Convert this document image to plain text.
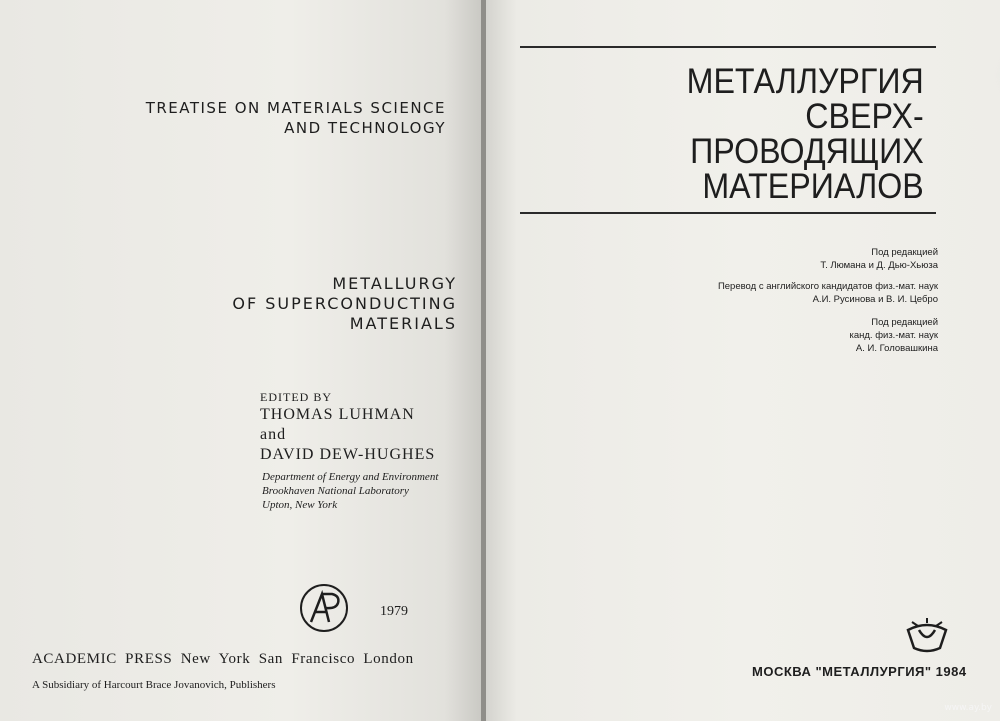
TREATISE ON MATERIALS SCIENCE
AND TECHNOLOGY
METALLURGY
OF SUPERCONDUCTING
MATERIALS
EDITED BY
THOMAS LUHMAN
and
DAVID DEW-HUGHES
Department of Energy and Environment
Brookhaven National Laboratory
Upton, New York
1979
ACADEMIC PRESS New York San Francisco London
A Subsidiary of Harcourt Brace Jovanovich, Publishers
МЕТАЛЛУРГИЯ
СВЕРХ-
ПРОВОДЯЩИХ
МАТЕРИАЛОВ
Под редакцией
Т. Люмана и Д. Дью-Хьюза
Перевод с английского кандидатов физ.-мат. наук
А.И. Русинова и В. И. Цебро
Под редакцией
канд. физ.-мат. наук
А. И. Головашкина
МОСКВА "МЕТАЛЛУРГИЯ" 1984
www.ay.by
